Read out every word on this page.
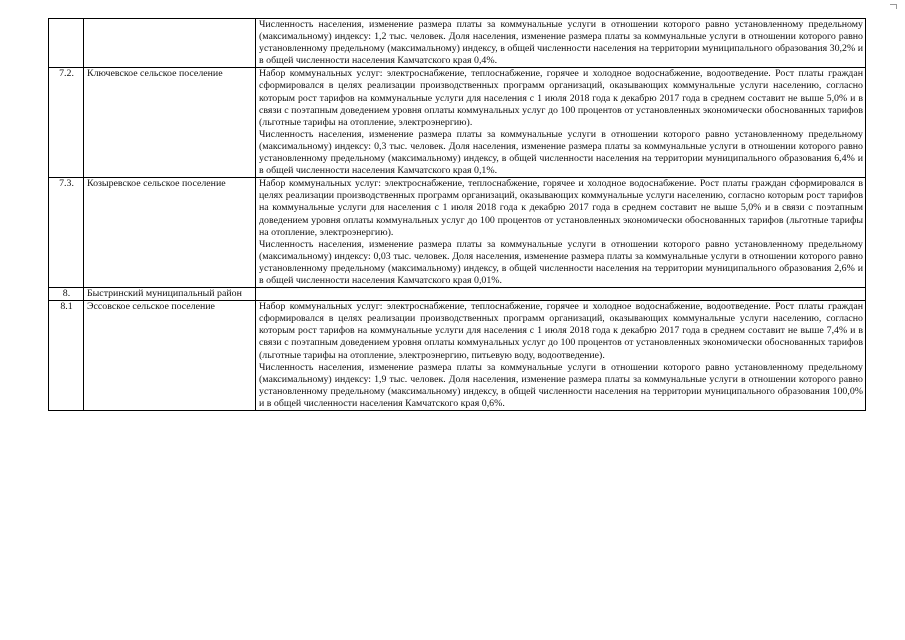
		Численность населения, изменение размера платы за коммунальные услуги в отношении которого равно установленному предельному (максимальному) индексу: 1,2 тыс. человек. Доля населения, изменение размера платы за коммунальные услуги в отношении которого равно установленному предельному (максимальному) индексу, в общей численности населения на территории муниципального образования 30,2% и в общей численности населения Камчатского края 0,4%.

7.2.	Ключевское сельское поселение	Набор коммунальных услуг: электроснабжение, теплоснабжение, горячее и холодное водоснабжение, водоотведение. Рост платы граждан сформировался в целях реализации производственных программ организаций, оказывающих коммунальные услуги населению, согласно которым рост тарифов на коммунальные услуги для населения с 1 июля 2018 года к декабрю 2017 года в среднем составит не выше 5,0% и в связи с поэтапным доведением уровня оплаты коммунальных услуг до 100 процентов от установленных экономически обоснованных тарифов (льготные тарифы на отопление, электроэнергию).

Численность населения, изменение размера платы за коммунальные услуги в отношении которого равно установленному предельному (максимальному) индексу: 0,3 тыс. человек. Доля населения, изменение размера платы за коммунальные услуги в отношении которого равно установленному предельному (максимальному) индексу, в общей численности населения на территории муниципального образования 6,4% и в общей численности населения Камчатского края 0,1%.

7.3.	Козыревское сельское поселение	Набор коммунальных услуг: электроснабжение, теплоснабжение, горячее и холодное водоснабжение. Рост платы граждан сформировался в целях реализации производственных программ организаций, оказывающих коммунальные услуги населению, согласно которым рост тарифов на коммунальные услуги для населения с 1 июля 2018 года к декабрю 2017 года в среднем составит не выше 5,0% и в связи с поэтапным доведением уровня оплаты коммунальных услуг до 100 процентов от установленных экономически обоснованных тарифов (льготные тарифы на отопление, электроэнергию).

Численность населения, изменение размера платы за коммунальные услуги в отношении которого равно установленному предельному (максимальному) индексу: 0,03 тыс. человек. Доля населения, изменение размера платы за коммунальные услуги в отношении которого равно установленному предельному (максимальному) индексу, в общей численности населения на территории муниципального образования 2,6% и в общей численности населения Камчатского края 0,01%.

8.	Быстринский муниципальный район	

8.1	Эссовское сельское поселение	Набор коммунальных услуг: электроснабжение, теплоснабжение, горячее и холодное водоснабжение, водоотведение. Рост платы граждан сформировался в целях реализации производственных программ организаций, оказывающих коммунальные услуги населению, согласно которым рост тарифов на коммунальные услуги для населения с 1 июля 2018 года к декабрю 2017 года в среднем составит не выше 7,4% и в связи с поэтапным доведением уровня оплаты коммунальных услуг до 100 процентов от установленных экономически обоснованных тарифов (льготные тарифы на отопление, электроэнергию, питьевую воду, водоотведение).

Численность населения, изменение размера платы за коммунальные услуги в отношении которого равно установленному предельному (максимальному) индексу: 1,9 тыс. человек. Доля населения, изменение размера платы за коммунальные услуги в отношении которого равно установленному предельному (максимальному) индексу, в общей численности населения на территории муниципального образования 100,0% и в общей численности населения Камчатского края 0,6%.
